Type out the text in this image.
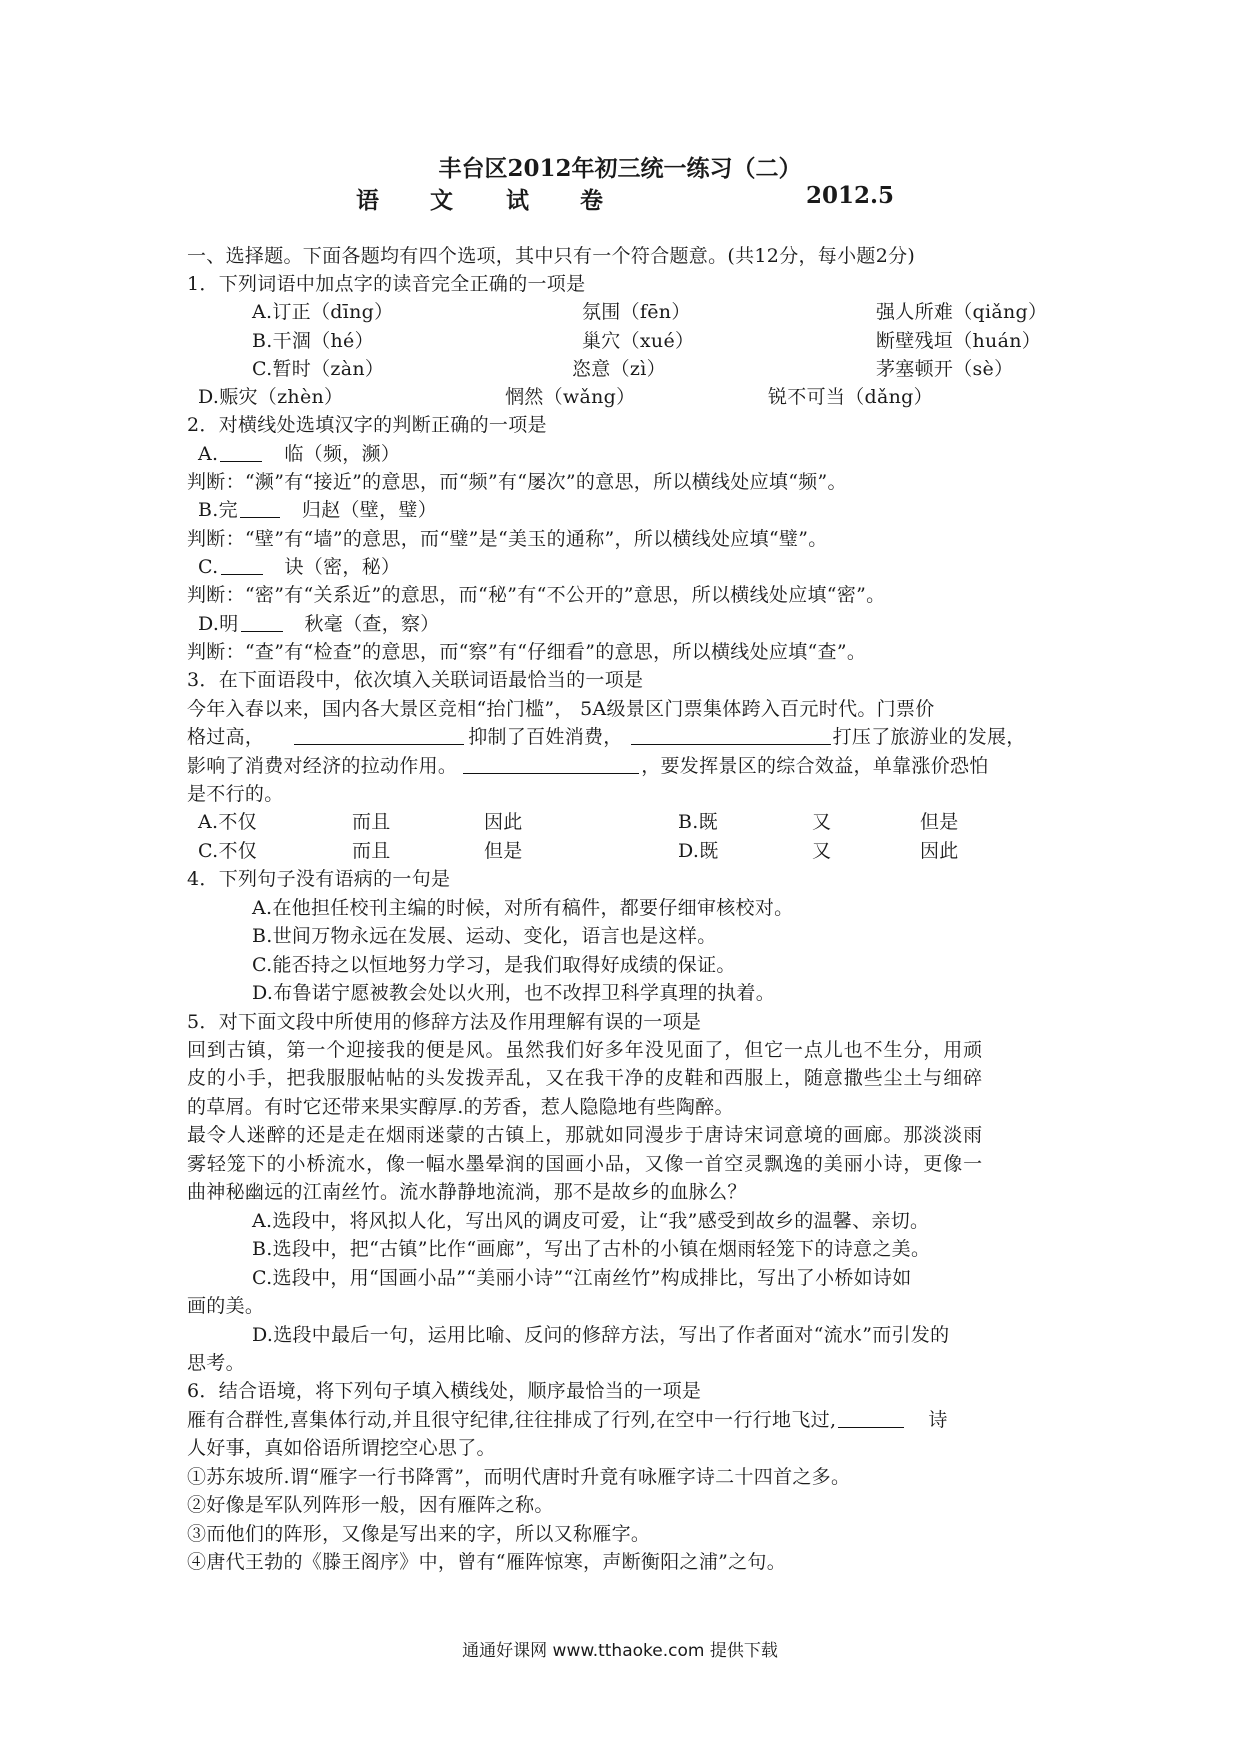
丰台区2012年初三统一练习（二）
语 文 试 卷	2012.5
一、选择题。下面各题均有四个选项，其中只有一个符合题意。(共12分，每小题2分)
1．下列词语中加点字的读音完全正确的一项是
A.订正（dīng）	氛围（fēn）	强人所难（qiǎng）
B.干涸（hé）	巢穴（xué）	断壁残垣（huán）
C.暂时（zàn）	恣意（zì）	茅塞顿开（sè）
D.赈灾（zhèn）	惘然（wǎng）	锐不可当（dǎng）
2．对横线处选填汉字的判断正确的一项是
A.	临（频，濒）
判断：“濒”有“接近”的意思，而“频”有“屡次”的意思，所以横线处应填“频”。
B.完	归赵（壁，璧）
判断：“壁”有“墙”的意思，而“璧”是“美玉的通称”，所以横线处应填“璧”。
C.	诀（密，秘）
判断：“密”有“关系近”的意思，而“秘”有“不公开的”意思，所以横线处应填“密”。
D.明	秋毫（查，察）
判断：“查”有“检查”的意思，而“察”有“仔细看”的意思，所以横线处应填“查”。
3．在下面语段中，依次填入关联词语最恰当的一项是
今年入春以来，国内各大景区竞相“抬门槛”， 5A级景区门票集体跨入百元时代。门票价
格过高，	抑制了百姓消费，	打压了旅游业的发展，
影响了消费对经济的拉动作用。	，要发挥景区的综合效益，单靠涨价恐怕
是不行的。
A.不仅	而且	因此	B.既	又	但是
C.不仅	而且	但是	D.既	又	因此
4．下列句子没有语病的一句是
A.在他担任校刊主编的时候，对所有稿件，都要仔细审核校对。
B.世间万物永远在发展、运动、变化，语言也是这样。
C.能否持之以恒地努力学习，是我们取得好成绩的保证。
D.布鲁诺宁愿被教会处以火刑，也不改捍卫科学真理的执着。
5．对下面文段中所使用的修辞方法及作用理解有误的一项是
回到古镇，第一个迎接我的便是风。虽然我们好多年没见面了，但它一点儿也不生分，用顽
皮的小手，把我服服帖帖的头发拨弄乱，又在我干净的皮鞋和西服上，随意撒些尘土与细碎
的草屑。有时它还带来果实醇厚.的芳香，惹人隐隐地有些陶醉。
最令人迷醉的还是走在烟雨迷蒙的古镇上，那就如同漫步于唐诗宋词意境的画廊。那淡淡雨
雾轻笼下的小桥流水，像一幅水墨晕润的国画小品，又像一首空灵飘逸的美丽小诗，更像一
曲神秘幽远的江南丝竹。流水静静地流淌，那不是故乡的血脉么？
A.选段中，将风拟人化，写出风的调皮可爱，让“我”感受到故乡的温馨、亲切。
B.选段中，把“古镇”比作“画廊”，写出了古朴的小镇在烟雨轻笼下的诗意之美。
C.选段中，用“国画小品”“美丽小诗”“江南丝竹”构成排比，写出了小桥如诗如
画的美。
D.选段中最后一句，运用比喻、反问的修辞方法，写出了作者面对“流水”而引发的
思考。
6．结合语境，将下列句子填入横线处，顺序最恰当的一项是
雁有合群性,喜集体行动,并且很守纪律,往往排成了行列,在空中一行行地飞过,	诗
人好事，真如俗语所谓挖空心思了。
①苏东坡所.谓“雁字一行书降霄”，而明代唐时升竟有咏雁字诗二十四首之多。
②好像是军队列阵形一般，因有雁阵之称。
③而他们的阵形，又像是写出来的字，所以又称雁字。
④唐代王勃的《滕王阁序》中，曾有“雁阵惊寒，声断衡阳之浦”之句。
通通好课网 www.tthaoke.com 提供下载
